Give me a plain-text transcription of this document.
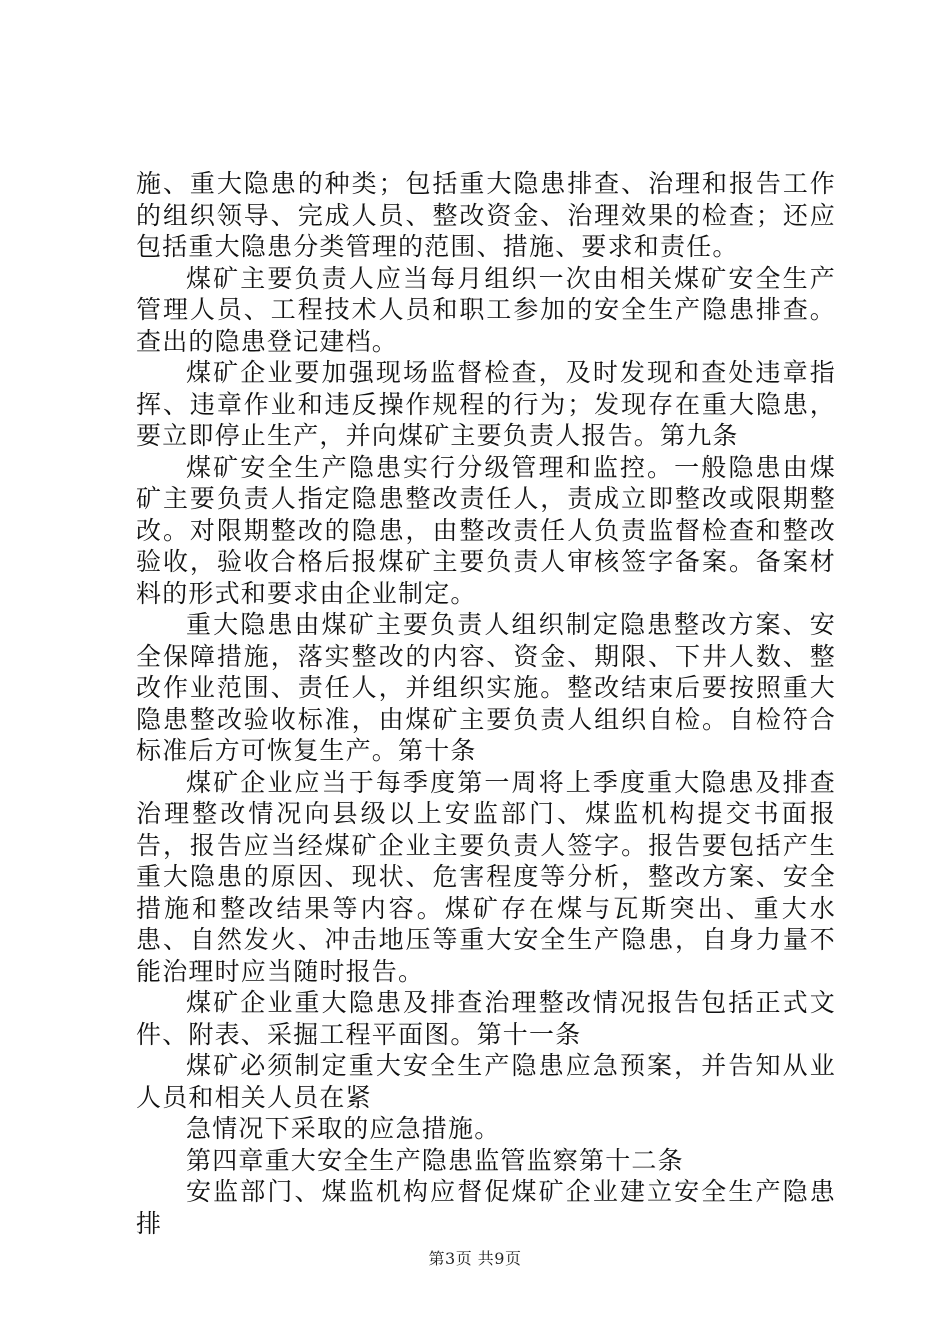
施、重大隐患的种类；包括重大隐患排查、治理和报告工作的组织领导、完成人员、整改资金、治理效果的检查；还应包括重大隐患分类管理的范围、措施、要求和责任。

煤矿主要负责人应当每月组织一次由相关煤矿安全生产管理人员、工程技术人员和职工参加的安全生产隐患排查。查出的隐患登记建档。

煤矿企业要加强现场监督检查，及时发现和查处违章指挥、违章作业和违反操作规程的行为；发现存在重大隐患，要立即停止生产，并向煤矿主要负责人报告。第九条

煤矿安全生产隐患实行分级管理和监控。一般隐患由煤矿主要负责人指定隐患整改责任人，责成立即整改或限期整改。对限期整改的隐患，由整改责任人负责监督检查和整改验收，验收合格后报煤矿主要负责人审核签字备案。备案材料的形式和要求由企业制定。

重大隐患由煤矿主要负责人组织制定隐患整改方案、安全保障措施，落实整改的内容、资金、期限、下井人数、整改作业范围、责任人，并组织实施。整改结束后要按照重大隐患整改验收标准，由煤矿主要负责人组织自检。自检符合标准后方可恢复生产。第十条

煤矿企业应当于每季度第一周将上季度重大隐患及排查治理整改情况向县级以上安监部门、煤监机构提交书面报告，报告应当经煤矿企业主要负责人签字。报告要包括产生重大隐患的原因、现状、危害程度等分析，整改方案、安全措施和整改结果等内容。煤矿存在煤与瓦斯突出、重大水患、自然发火、冲击地压等重大安全生产隐患，自身力量不能治理时应当随时报告。

煤矿企业重大隐患及排查治理整改情况报告包括正式文件、附表、采掘工程平面图。第十一条

煤矿必须制定重大安全生产隐患应急预案，并告知从业人员和相关人员在紧

急情况下采取的应急措施。

第四章重大安全生产隐患监管监察第十二条

安监部门、煤监机构应督促煤矿企业建立安全生产隐患排

第3页 共9页
